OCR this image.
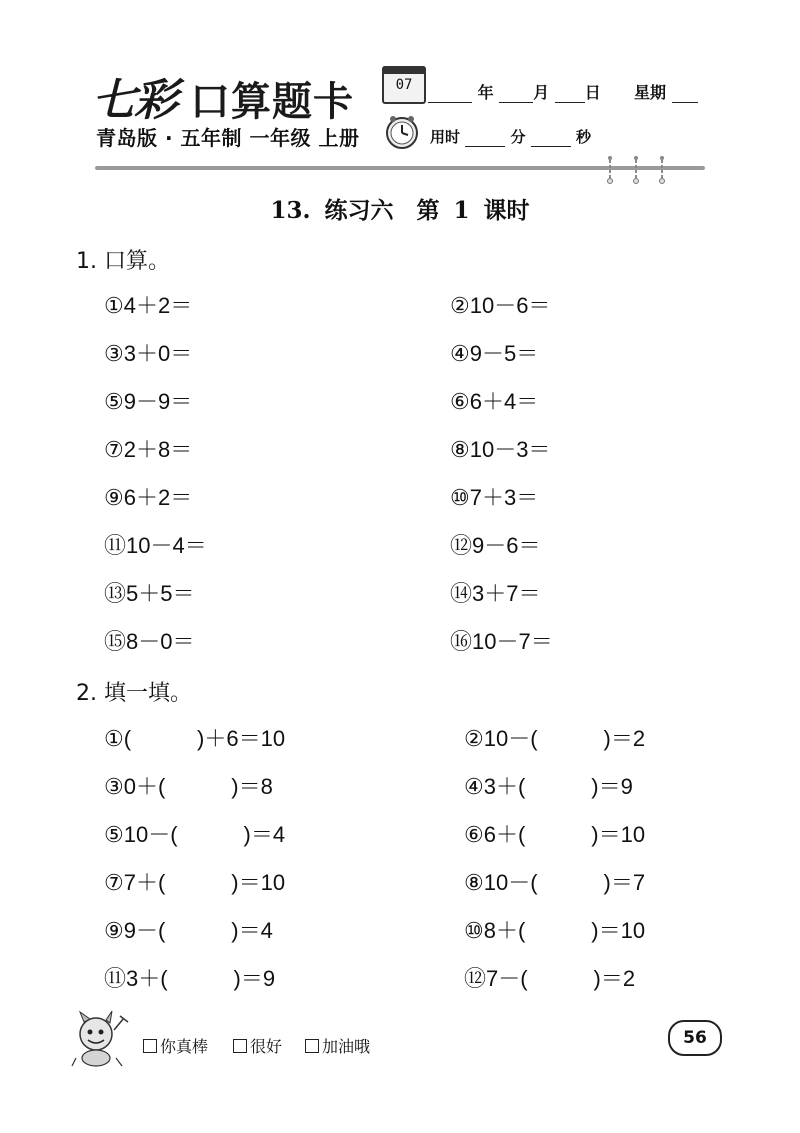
七彩 口算题卡	07	年 月 日 星期
青岛版 · 五年制 一年级 上册	用时	分	秒
13. 练习六　第 1 课时
1. 口算。
①4＋2＝	②10－6＝
③3＋0＝	④9－5＝
⑤9－9＝	⑥6＋4＝
⑦2＋8＝	⑧10－3＝
⑨6＋2＝	⑩7＋3＝
⑪10－4＝	⑫9－6＝
⑬5＋5＝	⑭3＋7＝
⑮8－0＝	⑯10－7＝
2. 填一填。
①(　　　)＋6＝10	②10－(　　　)＝2
③0＋(　　　)＝8	④3＋(　　　)＝9
⑤10－(　　　)＝4	⑥6＋(　　　)＝10
⑦7＋(　　　)＝10	⑧10－(　　　)＝7
⑨9－(　　　)＝4	⑩8＋(　　　)＝10
⑪3＋(　　　)＝9	⑫7－(　　　)＝2
你真棒	很好	加油哦	56
